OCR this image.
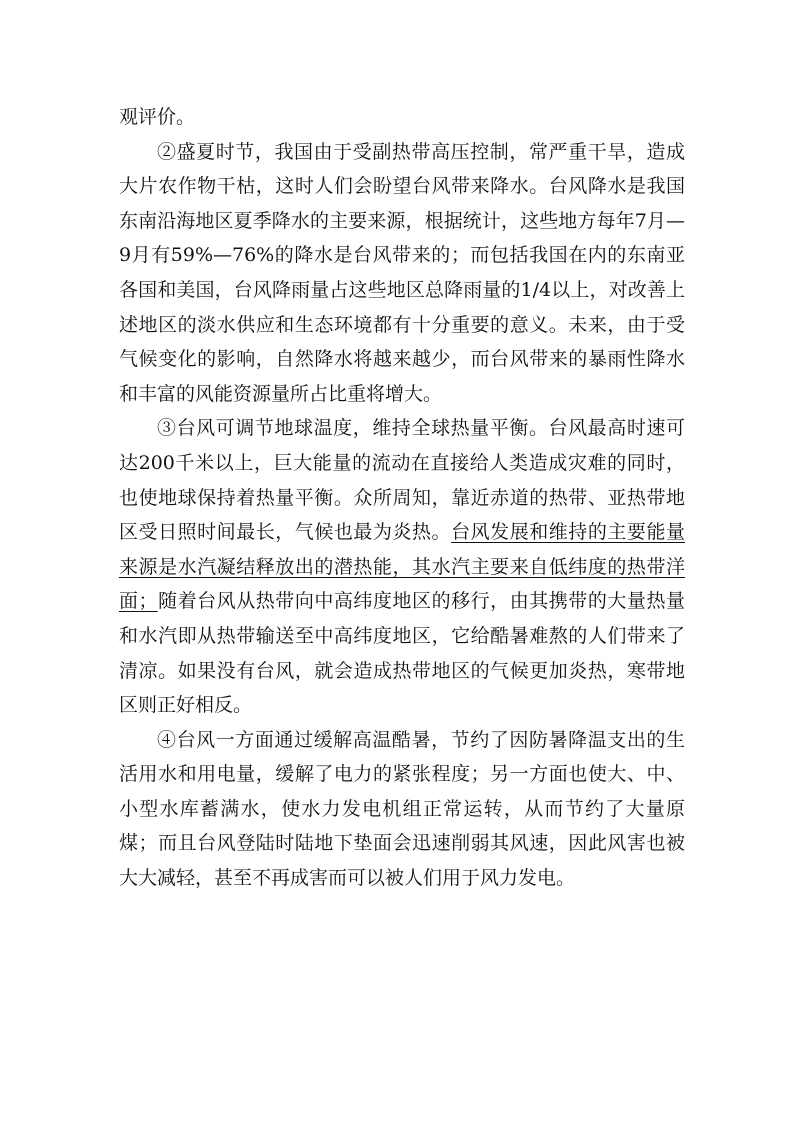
观评价。

②盛夏时节，我国由于受副热带高压控制，常严重干旱，造成大片农作物干枯，这时人们会盼望台风带来降水。台风降水是我国东南沿海地区夏季降水的主要来源，根据统计，这些地方每年7月—9月有59%—76%的降水是台风带来的；而包括我国在内的东南亚各国和美国，台风降雨量占这些地区总降雨量的1/4以上，对改善上述地区的淡水供应和生态环境都有十分重要的意义。未来，由于受气候变化的影响，自然降水将越来越少，而台风带来的暴雨性降水和丰富的风能资源量所占比重将增大。

③台风可调节地球温度，维持全球热量平衡。台风最高时速可达200千米以上，巨大能量的流动在直接给人类造成灾难的同时，也使地球保持着热量平衡。众所周知，靠近赤道的热带、亚热带地区受日照时间最长，气候也最为炎热。台风发展和维持的主要能量来源是水汽凝结释放出的潜热能，其水汽主要来自低纬度的热带洋面；随着台风从热带向中高纬度地区的移行，由其携带的大量热量和水汽即从热带输送至中高纬度地区，它给酷暑难熬的人们带来了清凉。如果没有台风，就会造成热带地区的气候更加炎热，寒带地区则正好相反。

④台风一方面通过缓解高温酷暑，节约了因防暑降温支出的生活用水和用电量，缓解了电力的紧张程度；另一方面也使大、中、小型水库蓄满水，使水力发电机组正常运转，从而节约了大量原煤；而且台风登陆时陆地下垫面会迅速削弱其风速，因此风害也被大大减轻，甚至不再成害而可以被人们用于风力发电。
